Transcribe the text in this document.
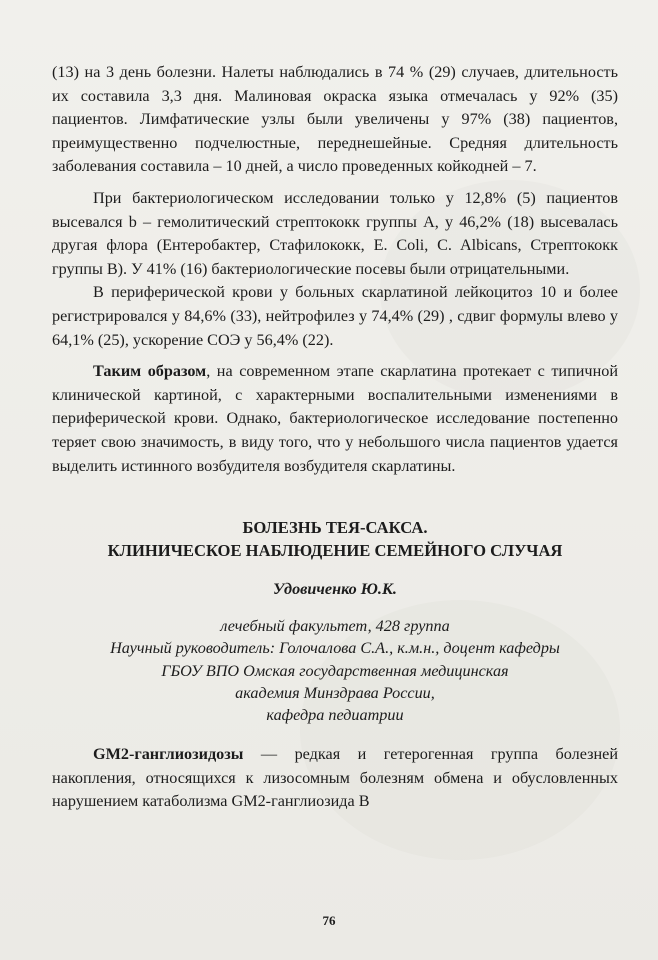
(13) на 3 день болезни. Налеты наблюдались в 74 % (29) случаев, длительность их составила 3,3 дня. Малиновая окраска языка отмечалась у 92% (35) пациентов. Лимфатические узлы были увеличены у 97% (38) пациентов, преимущественно подчелюстные, переднешейные. Средняя длительность заболевания составила – 10 дней, а число проведенных койкодней – 7.

При бактериологическом исследовании только у 12,8% (5) пациентов высевался b – гемолитический стрептококк группы А, у 46,2% (18) высевалась другая флора (Ентеробактер, Стафилококк, E. Coli, C. Albicans, Стрептококк группы В). У 41% (16) бактериологические посевы были отрицательными.

В периферической крови у больных скарлатиной лейкоцитоз 10 и более регистрировался у 84,6% (33), нейтрофилез у 74,4% (29) , сдвиг формулы влево у 64,1% (25), ускорение СОЭ у 56,4% (22).

Таким образом, на современном этапе скарлатина протекает с типичной клинической картиной, с характерными воспалительными изменениями в периферической крови. Однако, бактериологическое исследование постепенно теряет свою значимость, в виду того, что у небольшого числа пациентов удается выделить истинного возбудителя возбудителя скарлатины.

БОЛЕЗНЬ ТЕЯ-САКСА.

КЛИНИЧЕСКОЕ НАБЛЮДЕНИЕ СЕМЕЙНОГО СЛУЧАЯ

Удовиченко Ю.К.

лечебный факультет, 428 группа
Научный руководитель: Голочалова С.А., к.м.н., доцент кафедры
ГБОУ ВПО Омская государственная медицинская
академия Минздрава России,
кафедра педиатрии

GM2-ганглиозидозы — редкая и гетерогенная группа болезней накопления, относящихся к лизосомным болезням обмена и обусловленных нарушением катаболизма GM2-ганглиозида В

76
